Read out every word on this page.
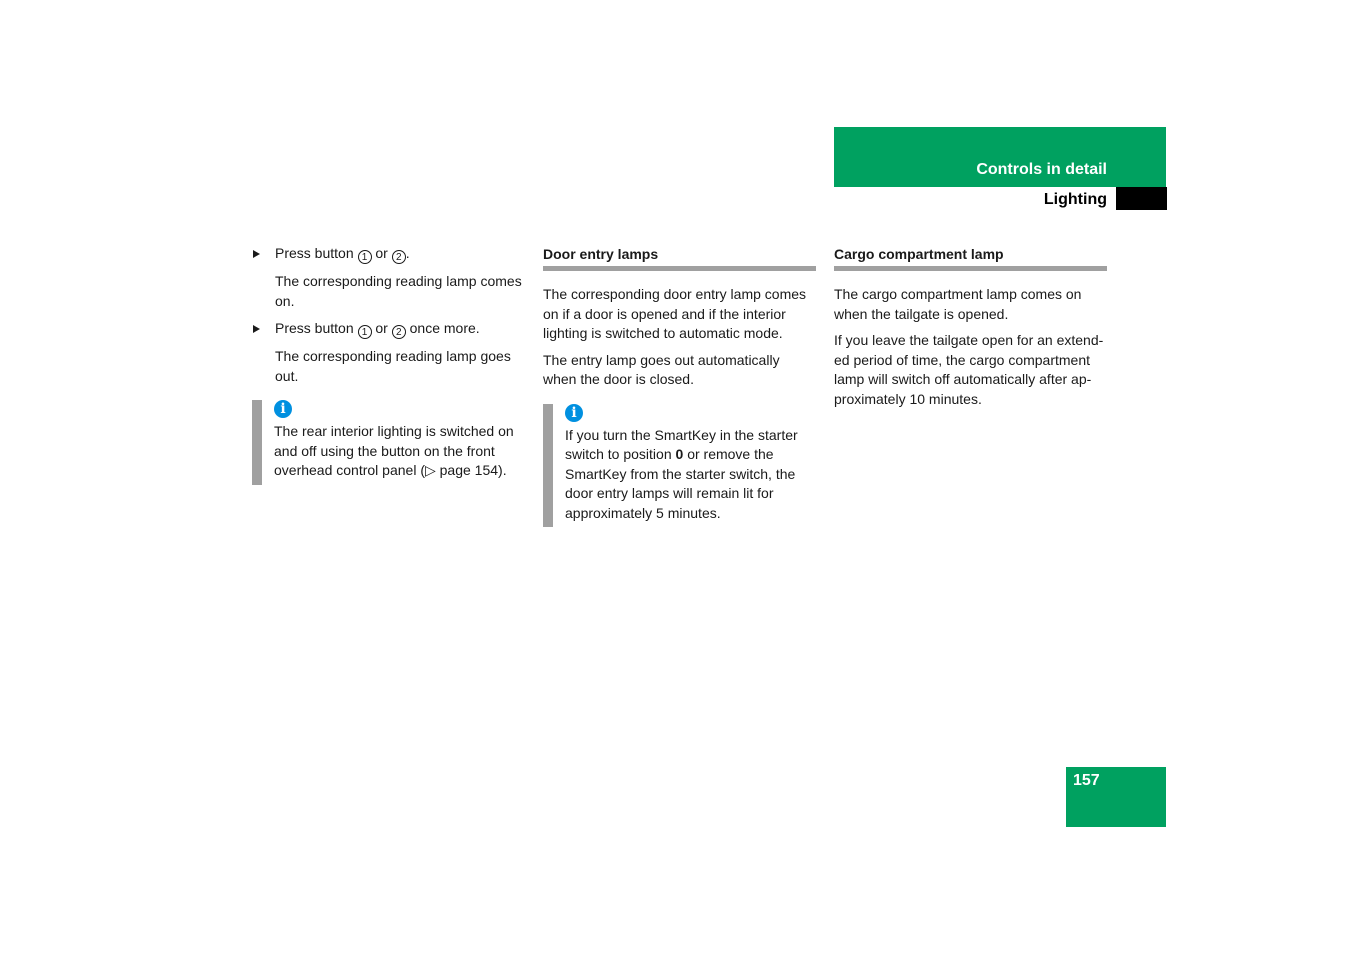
Controls in detail
Lighting

Press button 1 or 2 .

The corresponding reading lamp comes on.

Press button 1 or 2 once more.

The corresponding reading lamp goes out.

i

The rear interior lighting is switched on and off using the button on the front overhead control panel (▷ page 154).

Door entry lamps

The corresponding door entry lamp comes on if a door is opened and if the interior lighting is switched to automatic mode.

The entry lamp goes out automatically when the door is closed.

i

If you turn the SmartKey in the starter switch to position 0 or remove the SmartKey from the starter switch, the door entry lamps will remain lit for approximately 5 minutes.

Cargo compartment lamp

The cargo compartment lamp comes on when the tailgate is opened.

If you leave the tailgate open for an extend-ed period of time, the cargo compartment lamp will switch off automatically after ap-proximately 10 minutes.

157
